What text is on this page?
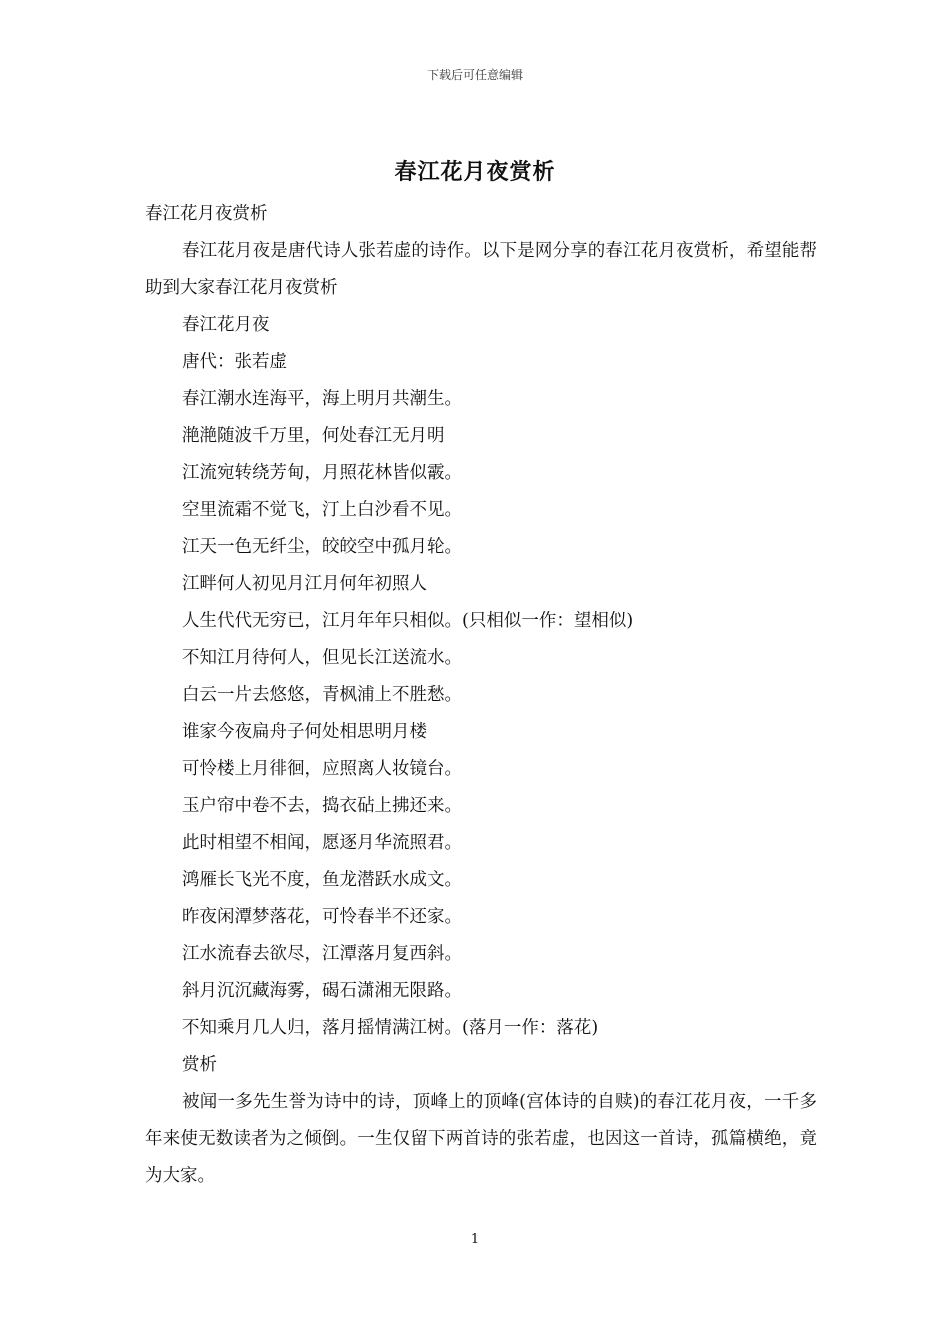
下载后可任意编辑
春江花月夜赏析
春江花月夜赏析
春江花月夜是唐代诗人张若虚的诗作。以下是网分享的春江花月夜赏析，希望能帮助到大家春江花月夜赏析
春江花月夜
唐代：张若虚
春江潮水连海平，海上明月共潮生。
滟滟随波千万里，何处春江无月明
江流宛转绕芳甸，月照花林皆似霰。
空里流霜不觉飞，汀上白沙看不见。
江天一色无纤尘，皎皎空中孤月轮。
江畔何人初见月江月何年初照人
人生代代无穷已，江月年年只相似。(只相似一作：望相似)
不知江月待何人，但见长江送流水。
白云一片去悠悠，青枫浦上不胜愁。
谁家今夜扁舟子何处相思明月楼
可怜楼上月徘徊，应照离人妆镜台。
玉户帘中卷不去，捣衣砧上拂还来。
此时相望不相闻，愿逐月华流照君。
鸿雁长飞光不度，鱼龙潜跃水成文。
昨夜闲潭梦落花，可怜春半不还家。
江水流春去欲尽，江潭落月复西斜。
斜月沉沉藏海雾，碣石潇湘无限路。
不知乘月几人归，落月摇情满江树。(落月一作：落花)
赏析
被闻一多先生誉为诗中的诗，顶峰上的顶峰(宫体诗的自赎)的春江花月夜，一千多年来使无数读者为之倾倒。一生仅留下两首诗的张若虚，也因这一首诗，孤篇横绝，竟为大家。
1
